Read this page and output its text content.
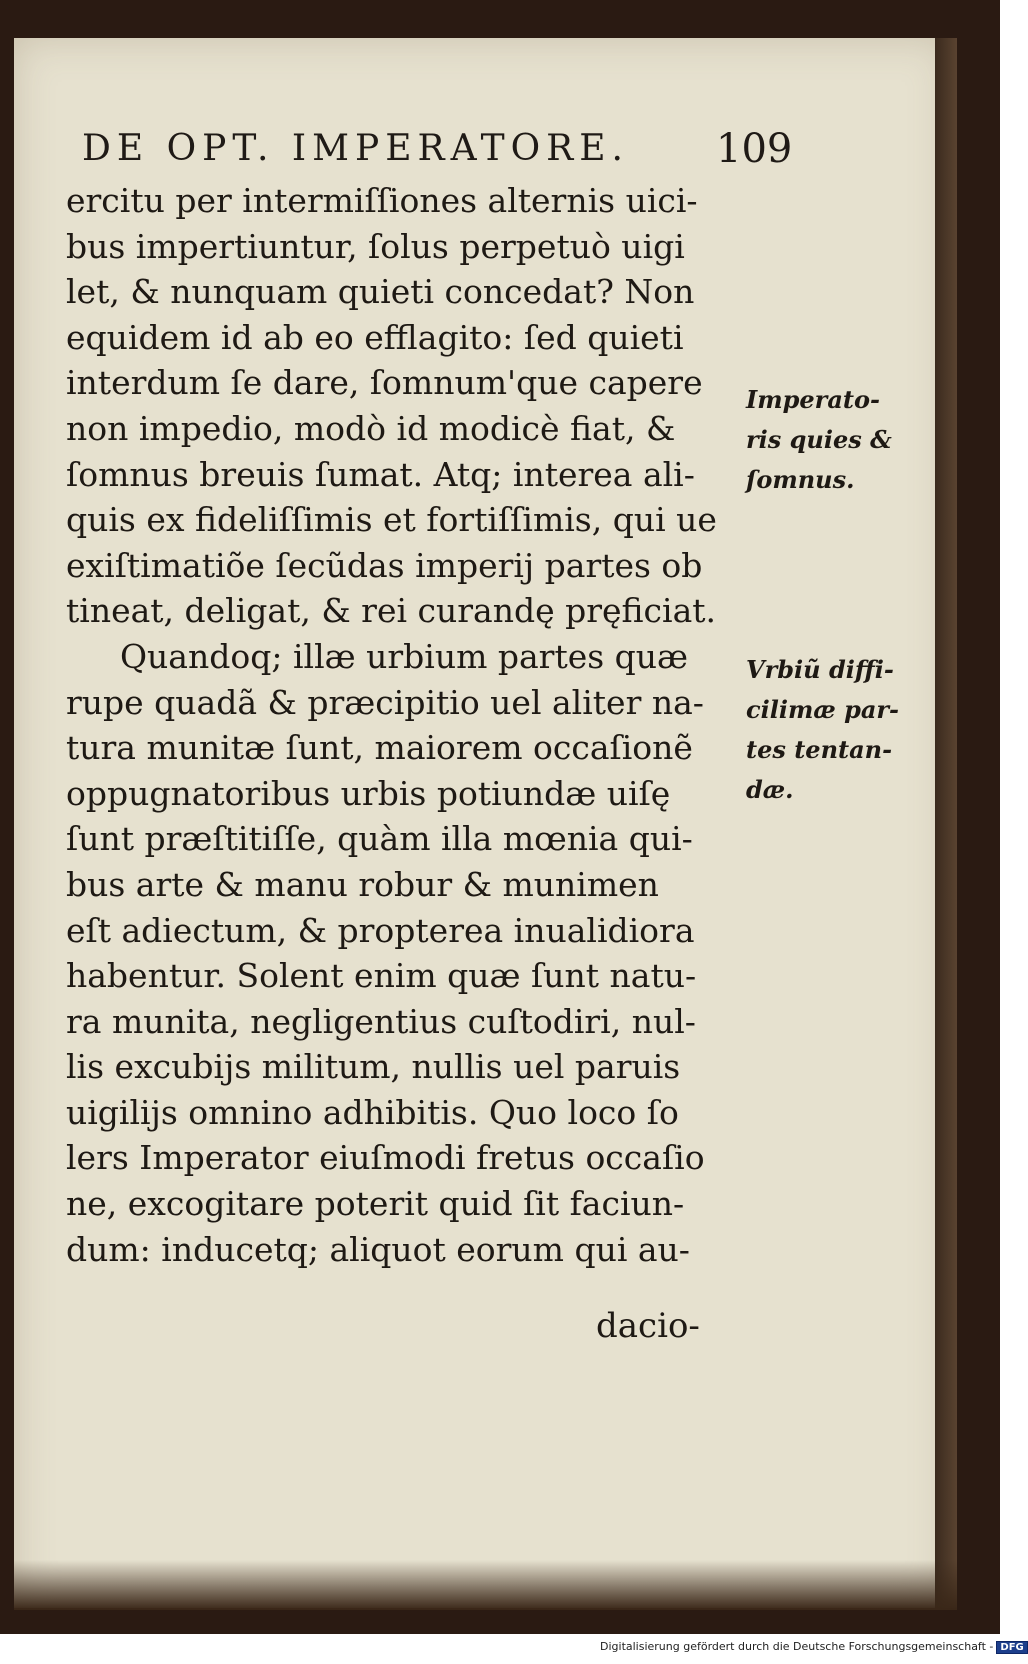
DE OPT. IMPERATORE.	109
ercitu per intermiſſiones alternis uici-
bus impertiuntur, ſolus perpetuò uigi
let, & nunquam quieti concedat? Non
equidem id ab eo efflagito: ſed quieti
interdum ſe dare, ſomnum'que capere
non impedio, modò id modicè fiat, &
ſomnus breuis ſumat. Atq; interea ali-
quis ex fideliſſimis et fortiſſimis, qui ue
exiſtimatiõe ſecũdas imperij partes ob
tineat, deligat, & rei curandę pręficiat.
Quandoq; illæ urbium partes quæ
rupe quadã & præcipitio uel aliter na-
tura munitæ ſunt, maiorem occaſionẽ
oppugnatoribus urbis potiundæ uiſę
ſunt præſtitiſſe, quàm illa mœnia qui-
bus arte & manu robur & munimen
eſt adiectum, & propterea inualidiora
habentur. Solent enim quæ ſunt natu-
ra munita, negligentius cuſtodiri, nul-
lis excubijs militum, nullis uel paruis
uigilijs omnino adhibitis. Quo loco ſo
lers Imperator eiuſmodi fretus occaſio
ne, excogitare poterit quid ſit faciun-
dum: inducetq; aliquot eorum qui au-
dacio-
Imperato-
ris quies &
ſomnus.
Vrbiũ diffi-
cilimæ par-
tes tentan-
dæ.
Digitalisierung gefördert durch die Deutsche Forschungsgemeinschaft - DFG
